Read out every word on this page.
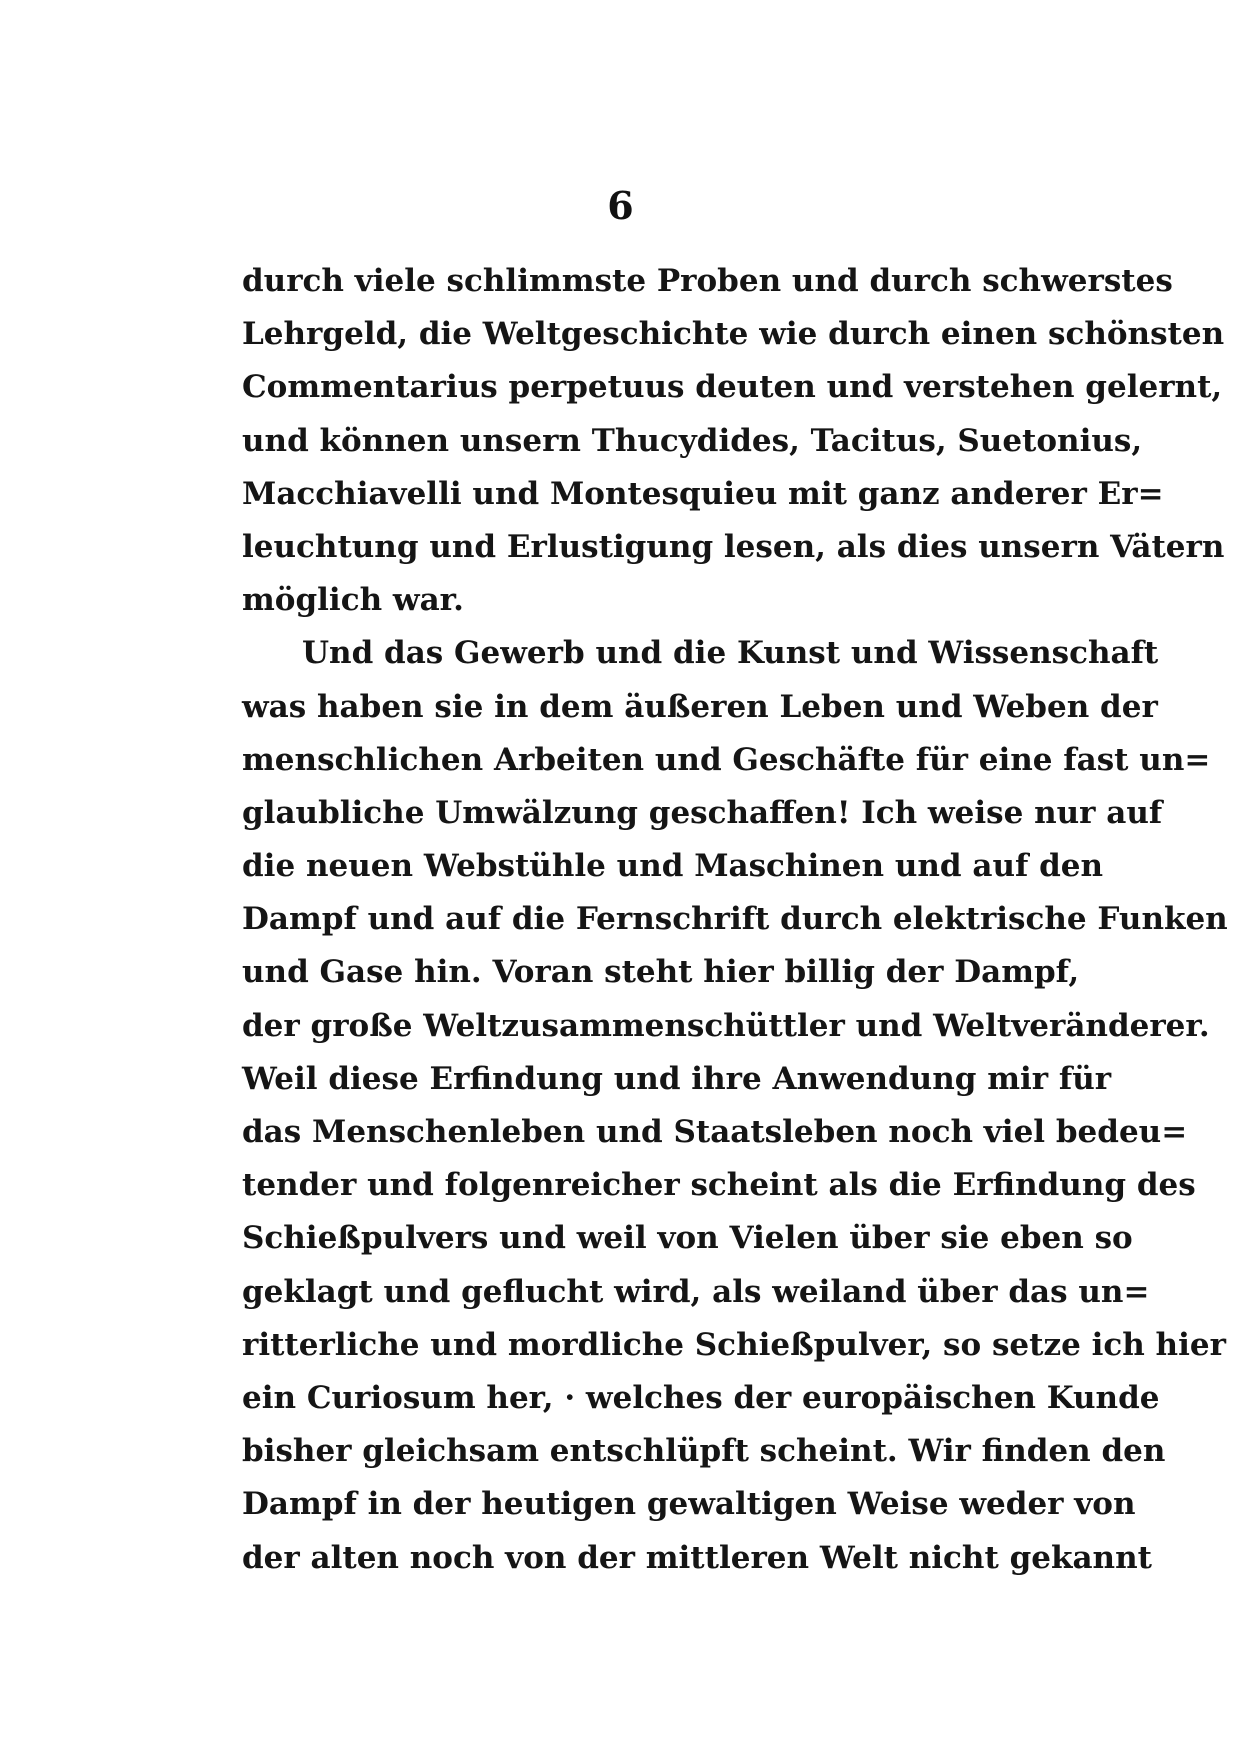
6
durch viele schlimmste Proben und durch schwerstes
Lehrgeld, die Weltgeschichte wie durch einen schönsten
Commentarius perpetuus deuten und verstehen gelernt,
und können unsern Thucydides, Tacitus, Suetonius,
Macchiavelli und Montesquieu mit ganz anderer Er=
leuchtung und Erlustigung lesen, als dies unsern Vätern
möglich war.
Und das Gewerb und die Kunst und Wissenschaft
was haben sie in dem äußeren Leben und Weben der
menschlichen Arbeiten und Geschäfte für eine fast un=
glaubliche Umwälzung geschaffen! Ich weise nur auf
die neuen Webstühle und Maschinen und auf den
Dampf und auf die Fernschrift durch elektrische Funken
und Gase hin. Voran steht hier billig der Dampf,
der große Weltzusammenschüttler und Weltveränderer.
Weil diese Erfindung und ihre Anwendung mir für
das Menschenleben und Staatsleben noch viel bedeu=
tender und folgenreicher scheint als die Erfindung des
Schießpulvers und weil von Vielen über sie eben so
geklagt und geflucht wird, als weiland über das un=
ritterliche und mordliche Schießpulver, so setze ich hier
ein Curiosum her, · welches der europäischen Kunde
bisher gleichsam entschlüpft scheint. Wir finden den
Dampf in der heutigen gewaltigen Weise weder von
der alten noch von der mittleren Welt nicht gekannt
